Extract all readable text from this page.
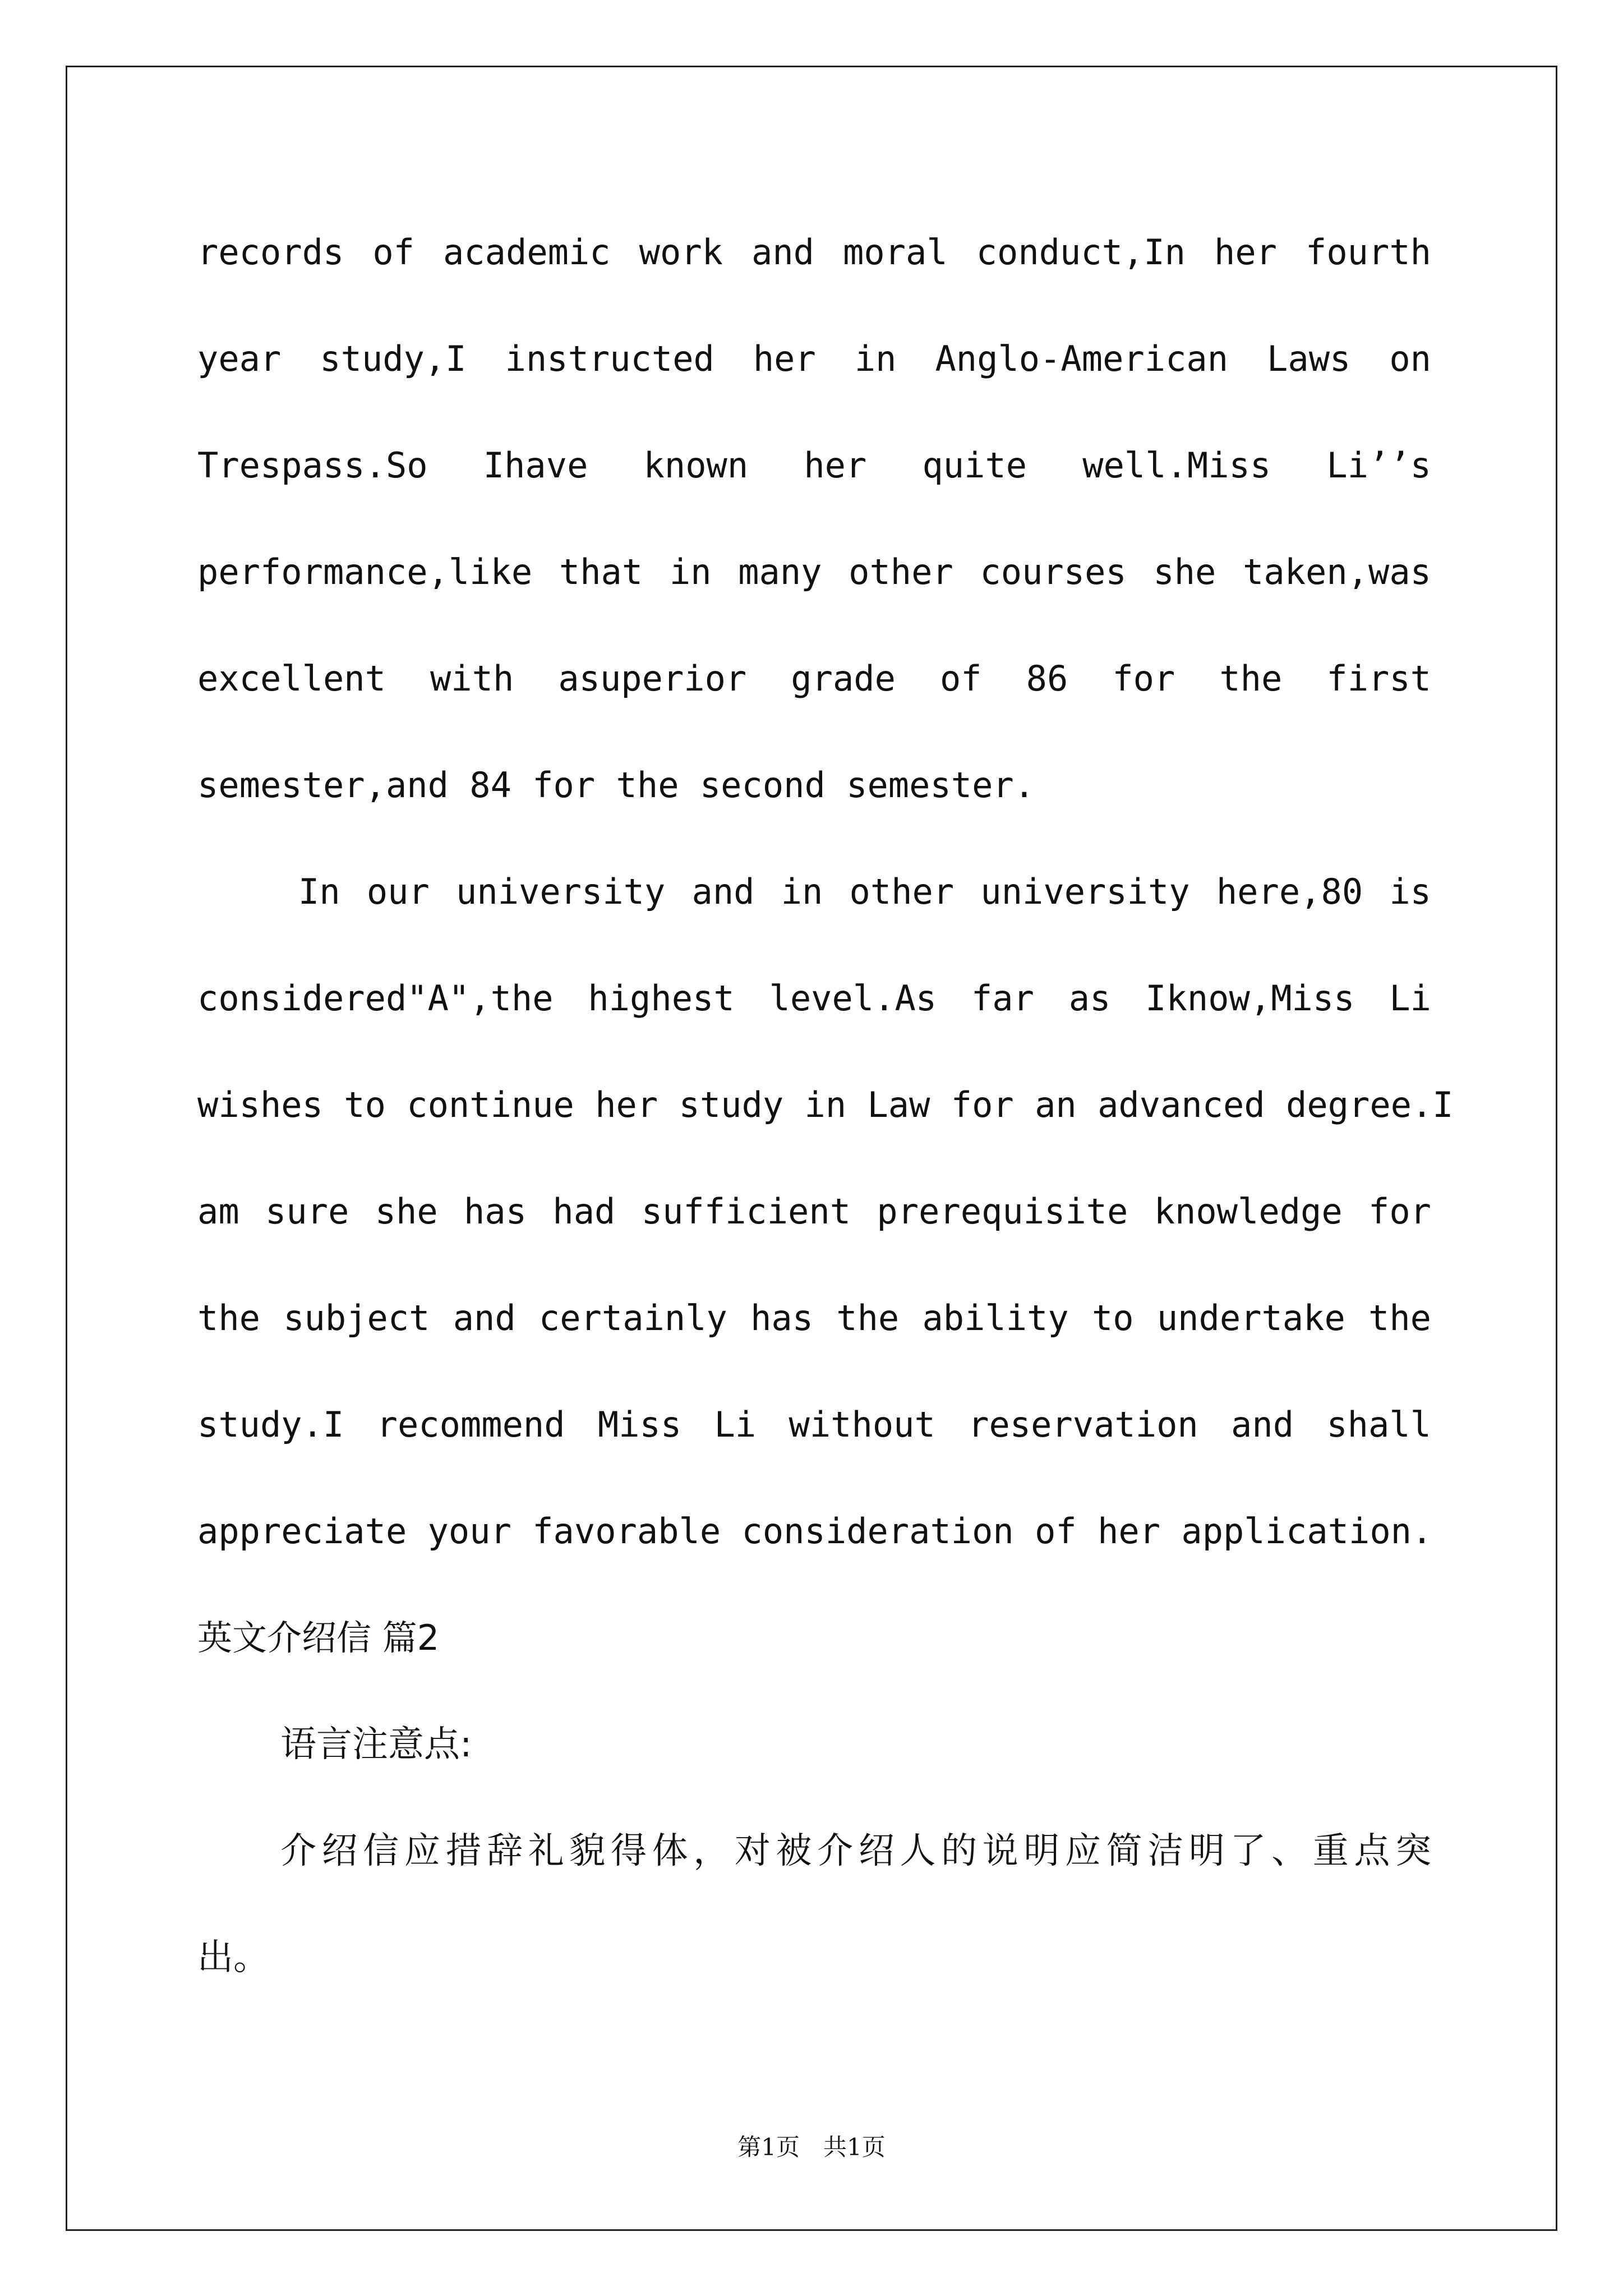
records of academic work and moral conduct,In her fourth
year study,I instructed her in Anglo-American Laws on
Trespass.So Ihave known her quite well.Miss Li’’s
performance,like that in many other courses she taken,was
excellent with asuperior grade of 86 for the first
semester,and 84 for the second semester.
In our university and in other university here,80 is
considered"A",the highest level.As far as Iknow,Miss Li
wishes to continue her study in Law for an advanced degree.I
am sure she has had sufficient prerequisite knowledge for
the subject and certainly has the ability to undertake the
study.I recommend Miss Li without reservation and shall
appreciate your favorable consideration of her application.
英文介绍信 篇2
语言注意点:
介绍信应措辞礼貌得体，对被介绍人的说明应简洁明了、重点突
出。
第1页　共1页
